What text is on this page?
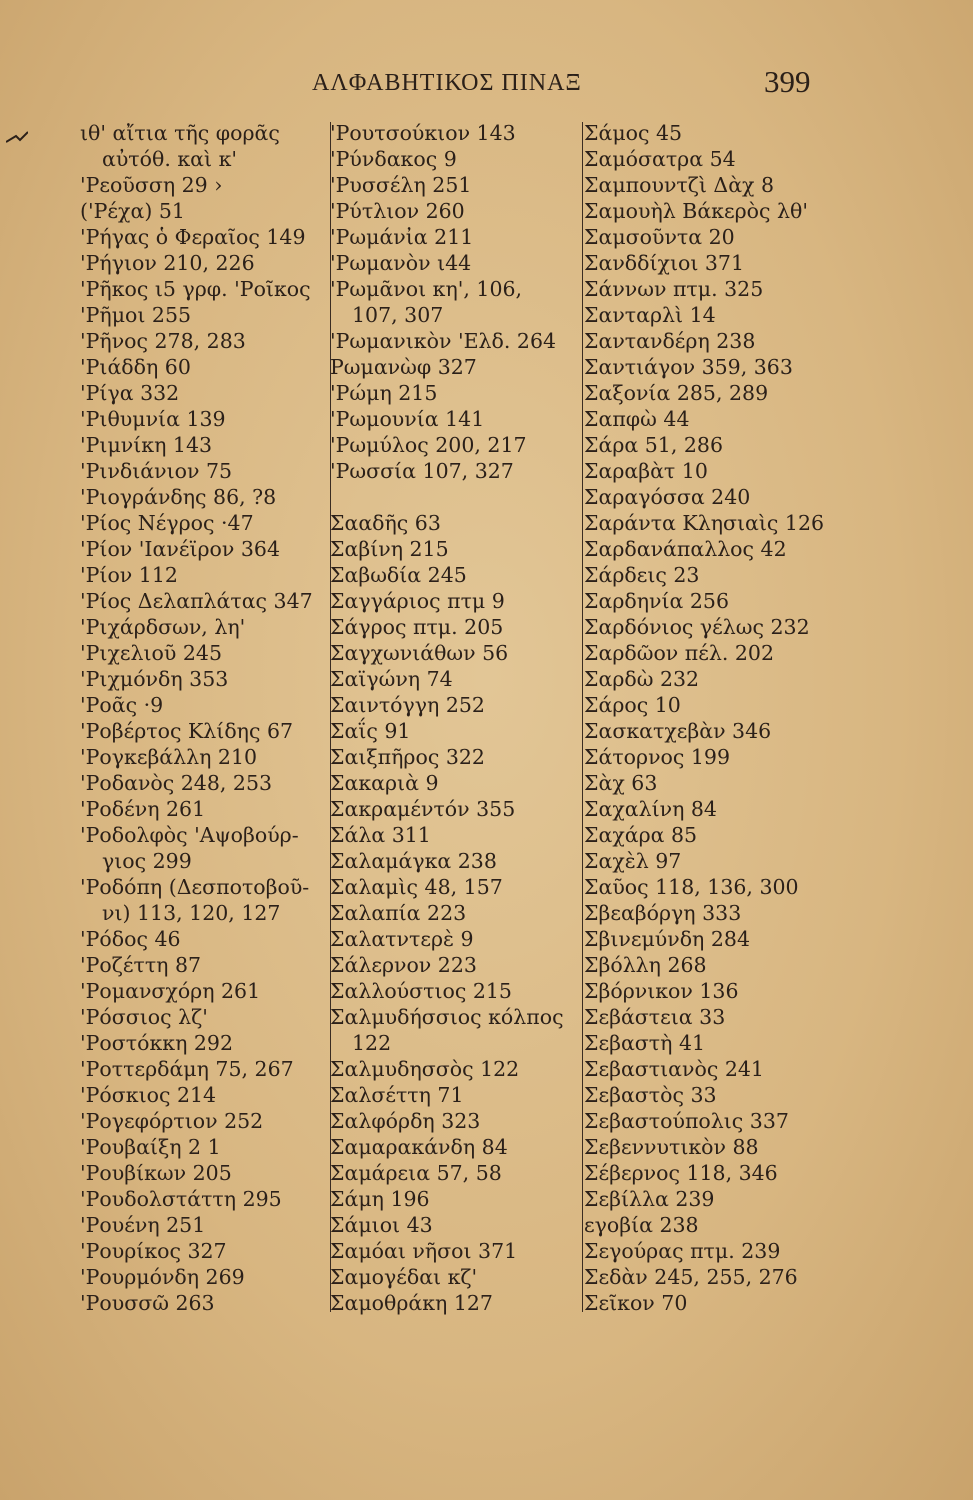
ΑΛΦΑΒΗΤΙΚΟΣ ΠΙΝΑΞ	399
ιθ' αἴτια τῆς φορᾶς
αὐτόθ. καὶ κ'
'Ρεοῦσση 29 ›
('Ρέχα) 51
'Ρήγας ὁ Φεραῖος 149
'Ρήγιον 210, 226
'Ρῆκος ι5 γρφ. 'Ροῖκος
'Ρῆμοι 255
'Ρῆνος 278, 283
'Ριάδδη 60
'Ρίγα 332
'Ριθυμνία 139
'Ριμνίκη 143
'Ρινδιάνιον 75
'Ριογράνδης 86, ?8
'Ρίος Νέγρος ·47
'Ρίον 'Ιανέϊρον 364
'Ρίον 112
'Ρίος Δελαπλάτας 347
'Ριχάρδσων, λη'
'Ριχελιοῦ 245
'Ριχμόνδη 353
'Ροᾶς ·9
'Ροβέρτος Κλίδης 67
'Ρογκεβάλλη 210
'Ροδανὸς 248, 253
'Ροδένη 261
'Ροδολφὸς 'Αψοβούρ-
γιος 299
'Ροδόπη (Δεσποτοβοῦ-
νι) 113, 120, 127
'Ρόδος 46
'Ροζέττη 87
'Ρομανσχόρη 261
'Ρόσσιος λζ'
'Ροστόκκη 292
'Ροττερδάμη 75, 267
'Ρόσκιος 214
'Ρογεφόρτιον 252
'Ρουβαίξη 2 1
'Ρουβίκων 205
'Ρουδολστάττη 295
'Ρουένη 251
'Ρουρίκος 327
'Ρουρμόνδη 269
'Ρουσσῶ 263
'Ρουτσούκιον 143
'Ρύνδακος 9
'Ρυσσέλη 251
'Ρύτλιον 260
'Ρωμάνἰα 211
'Ρωμανὸν ι44
'Ρωμᾶνοι κη', 106,
107, 307
'Ρωμανικὸν 'Ελδ. 264
Ρωμανὼφ 327
'Ρώμη 215
'Ρωμουνία 141
'Ρωμύλος 200, 217
'Ρωσσία 107, 327
Σααδῆς 63
Σαβίνη 215
Σαβωδία 245
Σαγγάριος πτμ 9
Σάγρος πτμ. 205
Σαγχωνιάθων 56
Σαϊγώνη 74
Σαιντόγγη 252
Σαΐς 91
Σαιξπῆρος 322
Σακαριὰ 9
Σακραμέντόν 355
Σάλα 311
Σαλαμάγκα 238
Σαλαμὶς 48, 157
Σαλαπία 223
Σαλατντερὲ 9
Σάλερνον 223
Σαλλούστιος 215
Σαλμυδήσσιος κόλπος
122
Σαλμυδησσὸς 122
Σαλσέττη 71
Σαλφόρδη 323
Σαμαρακάνδη 84
Σαμάρεια 57, 58
Σάμη 196
Σάμιοι 43
Σαμόαι νῆσοι 371
Σαμογέδαι κζ'
Σαμοθράκη 127
Σάμος 45
Σαμόσατρα 54
Σαμπουντζὶ Δὰχ 8
Σαμουὴλ Βάκερὸς λθ'
Σαμσοῦντα 20
Σανδδίχιοι 371
Σάννων πτμ. 325
Σανταρλὶ 14
Σαντανδέρη 238
Σαντιάγον 359, 363
Σαξονία 285, 289
Σαπφὼ 44
Σάρα 51, 286
Σαραβὰτ 10
Σαραγόσσα 240
Σαράντα Κλησιαὶς 126
Σαρδανάπαλλος 42
Σάρδεις 23
Σαρδηνία 256
Σαρδόνιος γέλως 232
Σαρδῶον πέλ. 202
Σαρδὼ 232
Σάρος 10
Σασκατχεβὰν 346
Σάτορνος 199
Σὰχ 63
Σαχαλίνη 84
Σαχάρα 85
Σαχὲλ 97
Σαῦος 118, 136, 300
Σβεαβόργη 333
Σβινεμύνδη 284
Σβόλλη 268
Σβόρνικον 136
Σεβάστεια 33
Σεβαστὴ 41
Σεβαστιανὸς 241
Σεβαστὸς 33
Σεβαστούπολις 337
Σεβεννυτικὸν 88
Σέβερνος 118, 346
Σεβίλλα 239
εγοβία 238
Σεγούρας πτμ. 239
Σεδὰν 245, 255, 276
Σεῖκον 70
